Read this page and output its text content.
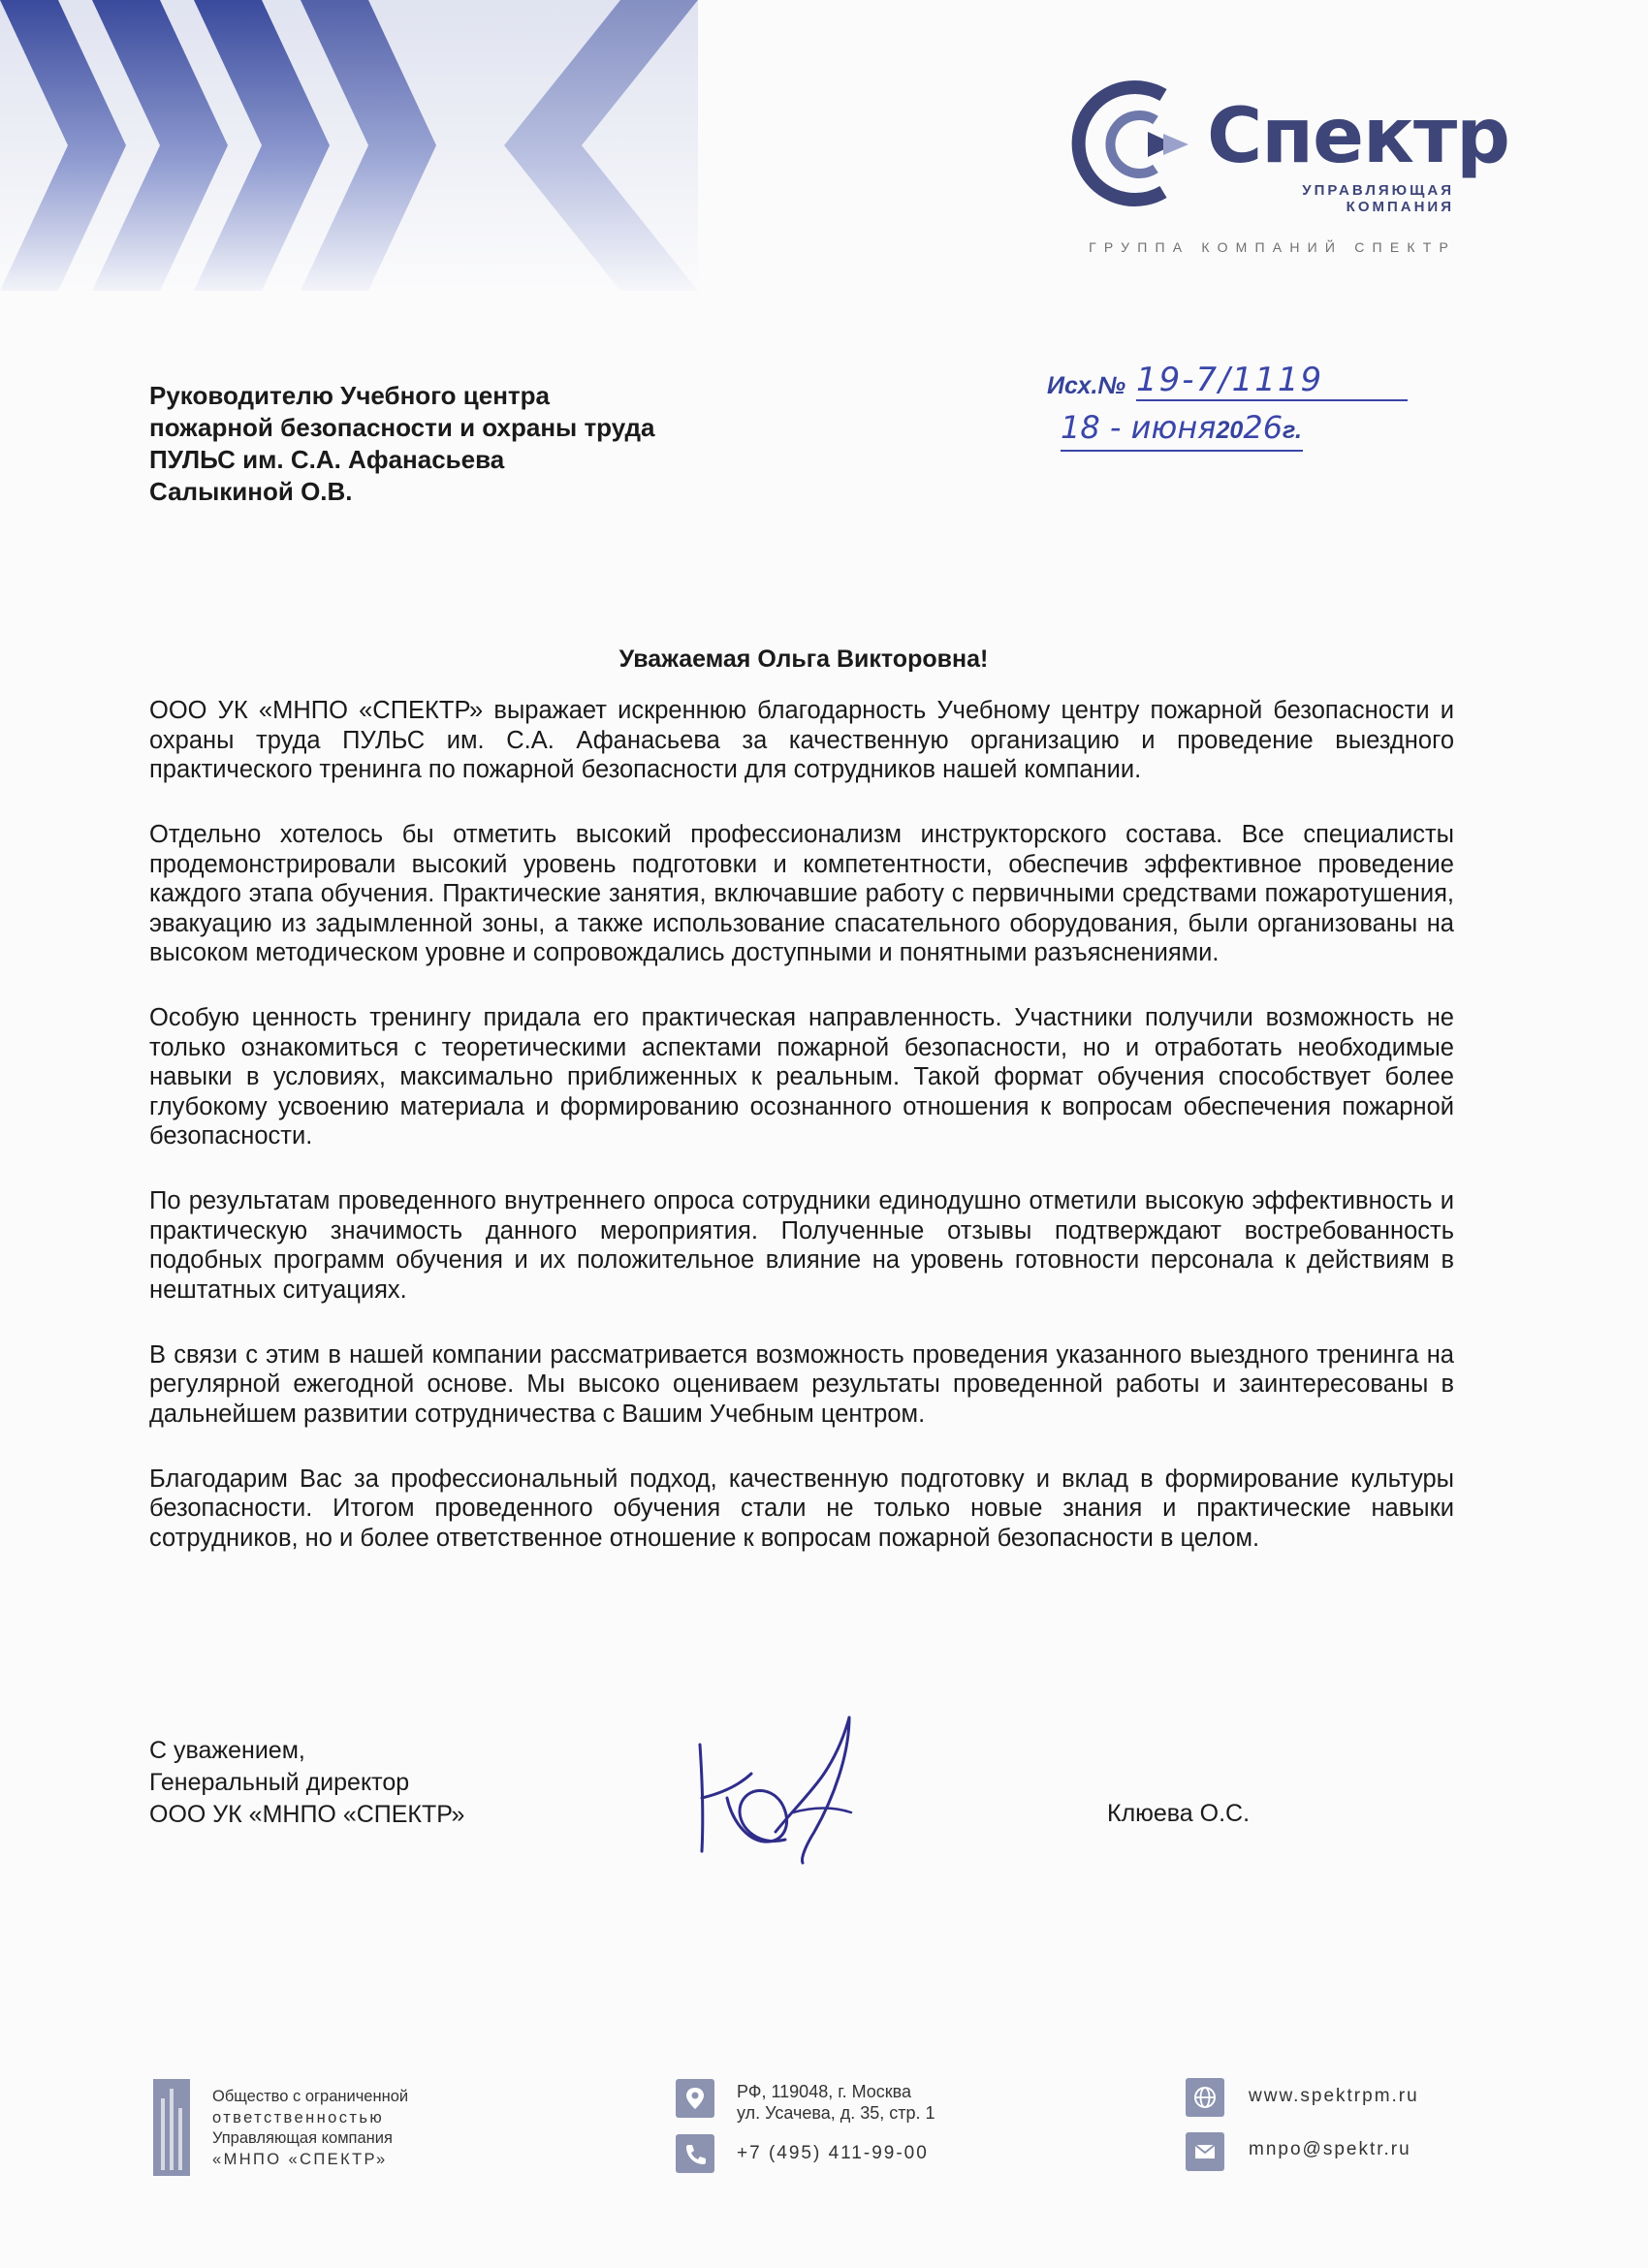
Спектр
УПРАВЛЯЮЩАЯ
КОМПАНИЯ
ГРУППА КОМПАНИЙ СПЕКТР
Руководителю Учебного центра
пожарной безопасности и охраны труда
ПУЛЬС им. С.А. Афанасьева
Салыкиной О.В.
Исх.№ 19-7/1119
18 - июня2026г.
Уважаемая Ольга Викторовна!

ООО УК «МНПО «СПЕКТР» выражает искреннюю благодарность Учебному центру пожарной безопасности и охраны труда ПУЛЬС им. С.А. Афанасьева за качественную организацию и проведение выездного практического тренинга по пожарной безопасности для сотрудников нашей компании.

Отдельно хотелось бы отметить высокий профессионализм инструкторского состава. Все специалисты продемонстрировали высокий уровень подготовки и компетентности, обеспечив эффективное проведение каждого этапа обучения. Практические занятия, включавшие работу с первичными средствами пожаротушения, эвакуацию из задымленной зоны, а также использование спасательного оборудования, были организованы на высоком методическом уровне и сопровождались доступными и понятными разъяснениями.

Особую ценность тренингу придала его практическая направленность. Участники получили возможность не только ознакомиться с теоретическими аспектами пожарной безопасности, но и отработать необходимые навыки в условиях, максимально приближенных к реальным. Такой формат обучения способствует более глубокому усвоению материала и формированию осознанного отношения к вопросам обеспечения пожарной безопасности.

По результатам проведенного внутреннего опроса сотрудники единодушно отметили высокую эффективность и практическую значимость данного мероприятия. Полученные отзывы подтверждают востребованность подобных программ обучения и их положительное влияние на уровень готовности персонала к действиям в нештатных ситуациях.

В связи с этим в нашей компании рассматривается возможность проведения указанного выездного тренинга на регулярной ежегодной основе. Мы высоко оцениваем результаты проведенной работы и заинтересованы в дальнейшем развитии сотрудничества с Вашим Учебным центром.

Благодарим Вас за профессиональный подход, качественную подготовку и вклад в формирование культуры безопасности. Итогом проведенного обучения стали не только новые знания и практические навыки сотрудников, но и более ответственное отношение к вопросам пожарной безопасности в целом.

С уважением,
Генеральный директор
ООО УК «МНПО «СПЕКТР»	Клюева О.С.
Общество с ограниченной
ответственностью
Управляющая компания
«МНПО «СПЕКТР»
РФ, 119048, г. Москва
ул. Усачева, д. 35, стр. 1
+7 (495) 411-99-00
www.spektrpm.ru
mnpo@spektr.ru
